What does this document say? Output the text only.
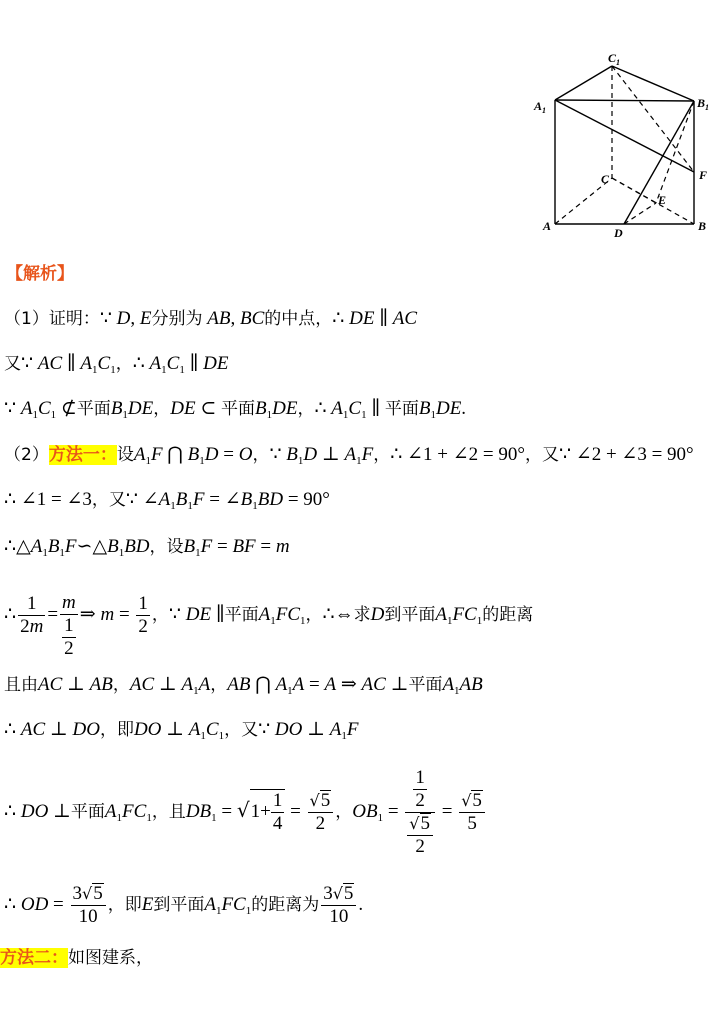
$C_1$
$A_1$
$B_1$
C
A	B
D
E
F
【解析】
（1）证明：∵ D, E分别为 AB, BC的中点，∴ DE ∥ AC
又∵ AC ∥ $A_1C_1$，∴ $A_1C_1$ ∥ DE
∵ $A_1C_1$ ⊄平面$B_1DE$，DE ⊂ 平面$B_1DE$，∴ $A_1C_1$ ∥ 平面$B_1DE$.
（2）方法一：设$A_1F$ ⋂ $B_1D = O$，∵ $B_1D$ ⊥ $A_1F$，∴ ∠1 + ∠2 = 90°，又∵ ∠2 + ∠3 = 90°
∴ ∠1 = ∠3，又∵ $\angle A_1B_1F$ = $\angle B_1BD = 90^\circ$
$\therefore\triangle A_1B_1F∽\triangle B_1BD$，设$B_1F$ = BF = m
∴ $\frac{1}{2m} = \frac{m}{\frac{1}{2}}$ ⇒ $m = \frac{1}{2}$ ，∵ DE ∥平面$A_1FC_1$，∴⇔求D到平面$A_1FC_1$的距离
且由AC ⊥ AB，AC ⊥ $A_1A$，AB ⋂ $A_1A = A$ ⇒ AC ⊥平面$A_1AB$
∴ AC ⊥ DO，即DO ⊥ $A_1C_1$，又∵ DO ⊥ $A_1F$
∴ DO ⊥平面$A_1FC_1$，且$DB_1 = √1+ \frac{1}{4} = \frac{√5}{2}$ ，$OB_1 = \frac{\frac{1}{2}}{\frac{√5}{2}} = \frac{√5}{5}$
∴ OD = $\frac{3√5}{10}$ ，即E到平面$A_1FC_1$的距离为 $\frac{3√5}{10}$ .
方法二：如图建系，
